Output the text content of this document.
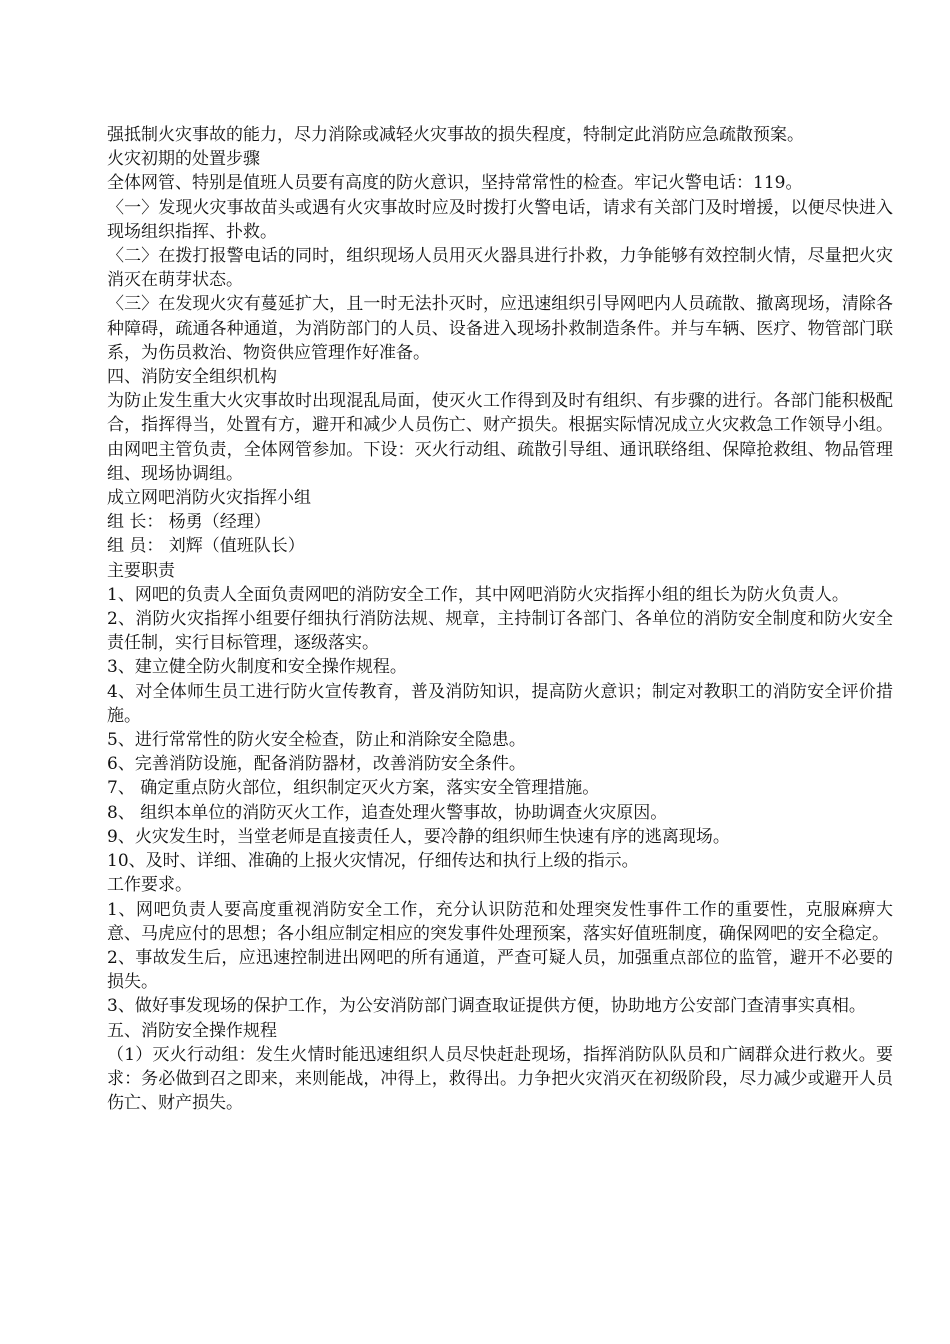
强抵制火灾事故的能力，尽力消除或减轻火灾事故的损失程度，特制定此消防应急疏散预案。

火灾初期的处置步骤

全体网管、特别是值班人员要有高度的防火意识，坚持常常性的检查。牢记火警电话：119。

〈一〉发现火灾事故苗头或遇有火灾事故时应及时拨打火警电话，请求有关部门及时增援，以便尽快进入现场组织指挥、扑救。

〈二〉在拨打报警电话的同时，组织现场人员用灭火器具进行扑救，力争能够有效控制火情，尽量把火灾消灭在萌芽状态。

〈三〉在发现火灾有蔓延扩大，且一时无法扑灭时，应迅速组织引导网吧内人员疏散、撤离现场，清除各种障碍，疏通各种通道，为消防部门的人员、设备进入现场扑救制造条件。并与车辆、医疗、物管部门联系，为伤员救治、物资供应管理作好准备。

四、消防安全组织机构

为防止发生重大火灾事故时出现混乱局面，使灭火工作得到及时有组织、有步骤的进行。各部门能积极配合，指挥得当，处置有方，避开和减少人员伤亡、财产损失。根据实际情况成立火灾救急工作领导小组。由网吧主管负责，全体网管参加。下设：灭火行动组、疏散引导组、通讯联络组、保障抢救组、物品管理组、现场协调组。

成立网吧消防火灾指挥小组

组 长： 杨勇（经理）

组 员： 刘辉（值班队长）

主要职责

1、网吧的负责人全面负责网吧的消防安全工作，其中网吧消防火灾指挥小组的组长为防火负责人。

2、消防火灾指挥小组要仔细执行消防法规、规章，主持制订各部门、各单位的消防安全制度和防火安全责任制，实行目标管理，逐级落实。

3、建立健全防火制度和安全操作规程。

4、对全体师生员工进行防火宣传教育，普及消防知识，提高防火意识；制定对教职工的消防安全评价措施。

5、进行常常性的防火安全检查，防止和消除安全隐患。

6、完善消防设施，配备消防器材，改善消防安全条件。

7、 确定重点防火部位，组织制定灭火方案，落实安全管理措施。

8、 组织本单位的消防灭火工作，追查处理火警事故，协助调查火灾原因。

9、火灾发生时，当堂老师是直接责任人，要冷静的组织师生快速有序的逃离现场。

10、及时、详细、准确的上报火灾情况，仔细传达和执行上级的指示。

工作要求。

1、网吧负责人要高度重视消防安全工作，充分认识防范和处理突发性事件工作的重要性，克服麻痹大意、马虎应付的思想；各小组应制定相应的突发事件处理预案，落实好值班制度，确保网吧的安全稳定。

2、事故发生后，应迅速控制进出网吧的所有通道，严查可疑人员，加强重点部位的监管，避开不必要的损失。

3、做好事发现场的保护工作，为公安消防部门调查取证提供方便，协助地方公安部门查清事实真相。

五、消防安全操作规程

（1）灭火行动组：发生火情时能迅速组织人员尽快赶赴现场，指挥消防队队员和广阔群众进行救火。要求：务必做到召之即来，来则能战，冲得上，救得出。力争把火灾消灭在初级阶段，尽力减少或避开人员伤亡、财产损失。
